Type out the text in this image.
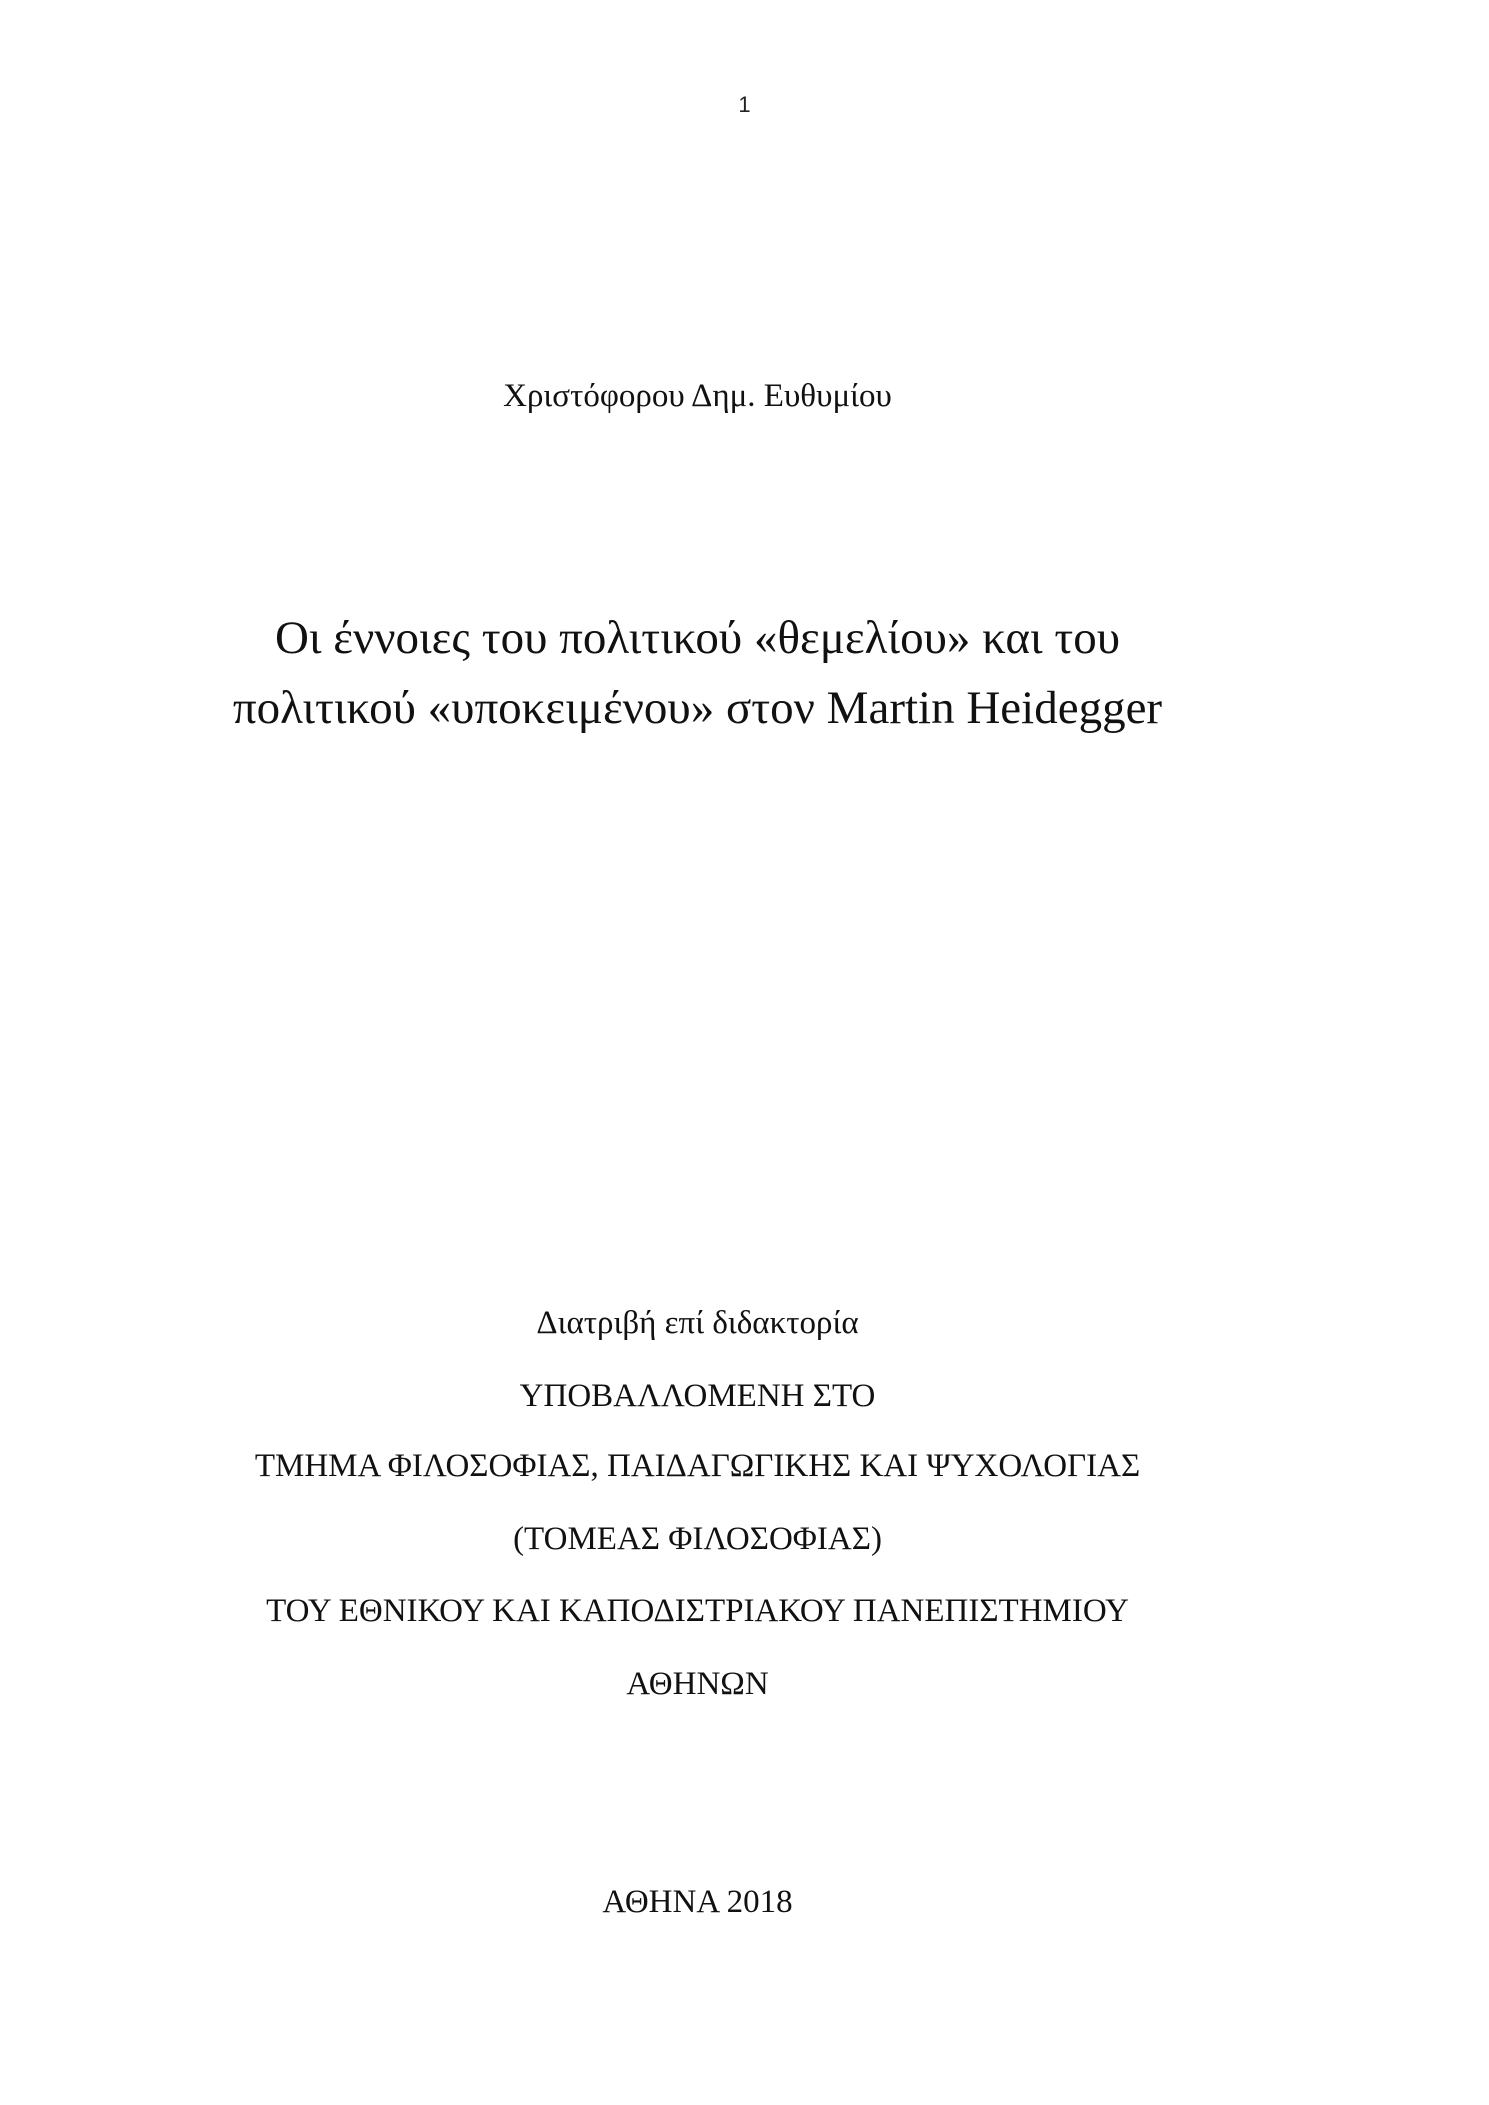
1
Χριστόφορου Δημ. Ευθυμίου
Οι έννοιες του πολιτικού «θεμελίου» και του
πολιτικού «υποκειμένου» στον Martin Heidegger
Διατριβή επί διδακτορία
ΥΠΟΒΑΛΛΟΜΕΝΗ ΣΤΟ
ΤΜΗΜΑ ΦΙΛΟΣΟΦΙΑΣ, ΠΑΙΔΑΓΩΓΙΚΗΣ ΚΑΙ ΨΥΧΟΛΟΓΙΑΣ
(ΤΟΜΕΑΣ ΦΙΛΟΣΟΦΙΑΣ)
ΤΟΥ ΕΘΝΙΚΟΥ ΚΑΙ ΚΑΠΟΔΙΣΤΡΙΑΚΟΥ ΠΑΝΕΠΙΣΤΗΜΙΟΥ
ΑΘΗΝΩΝ
ΑΘΗΝΑ 2018
